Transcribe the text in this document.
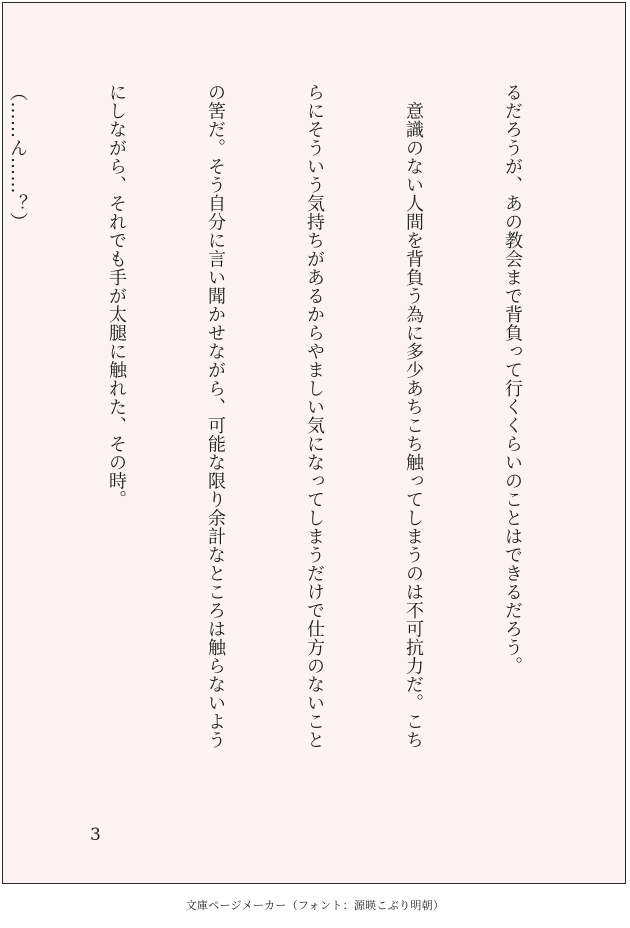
るだろうが、あの教会まで背負って行くくらいのことはできるだろう。

　意識のない人間を背負う為に多少あちこち触ってしまうのは不可抗力だ。こち

らにそういう気持ちがあるからやましい気になってしまうだけで仕方のないこと

の筈だ。そう自分に言い聞かせながら、可能な限り余計なところは触らないよう

にしながら、それでも手が太腿に触れた、その時。

（……ん……？）

3
文庫ページメーカー（フォント：源暎こぶり明朝）
